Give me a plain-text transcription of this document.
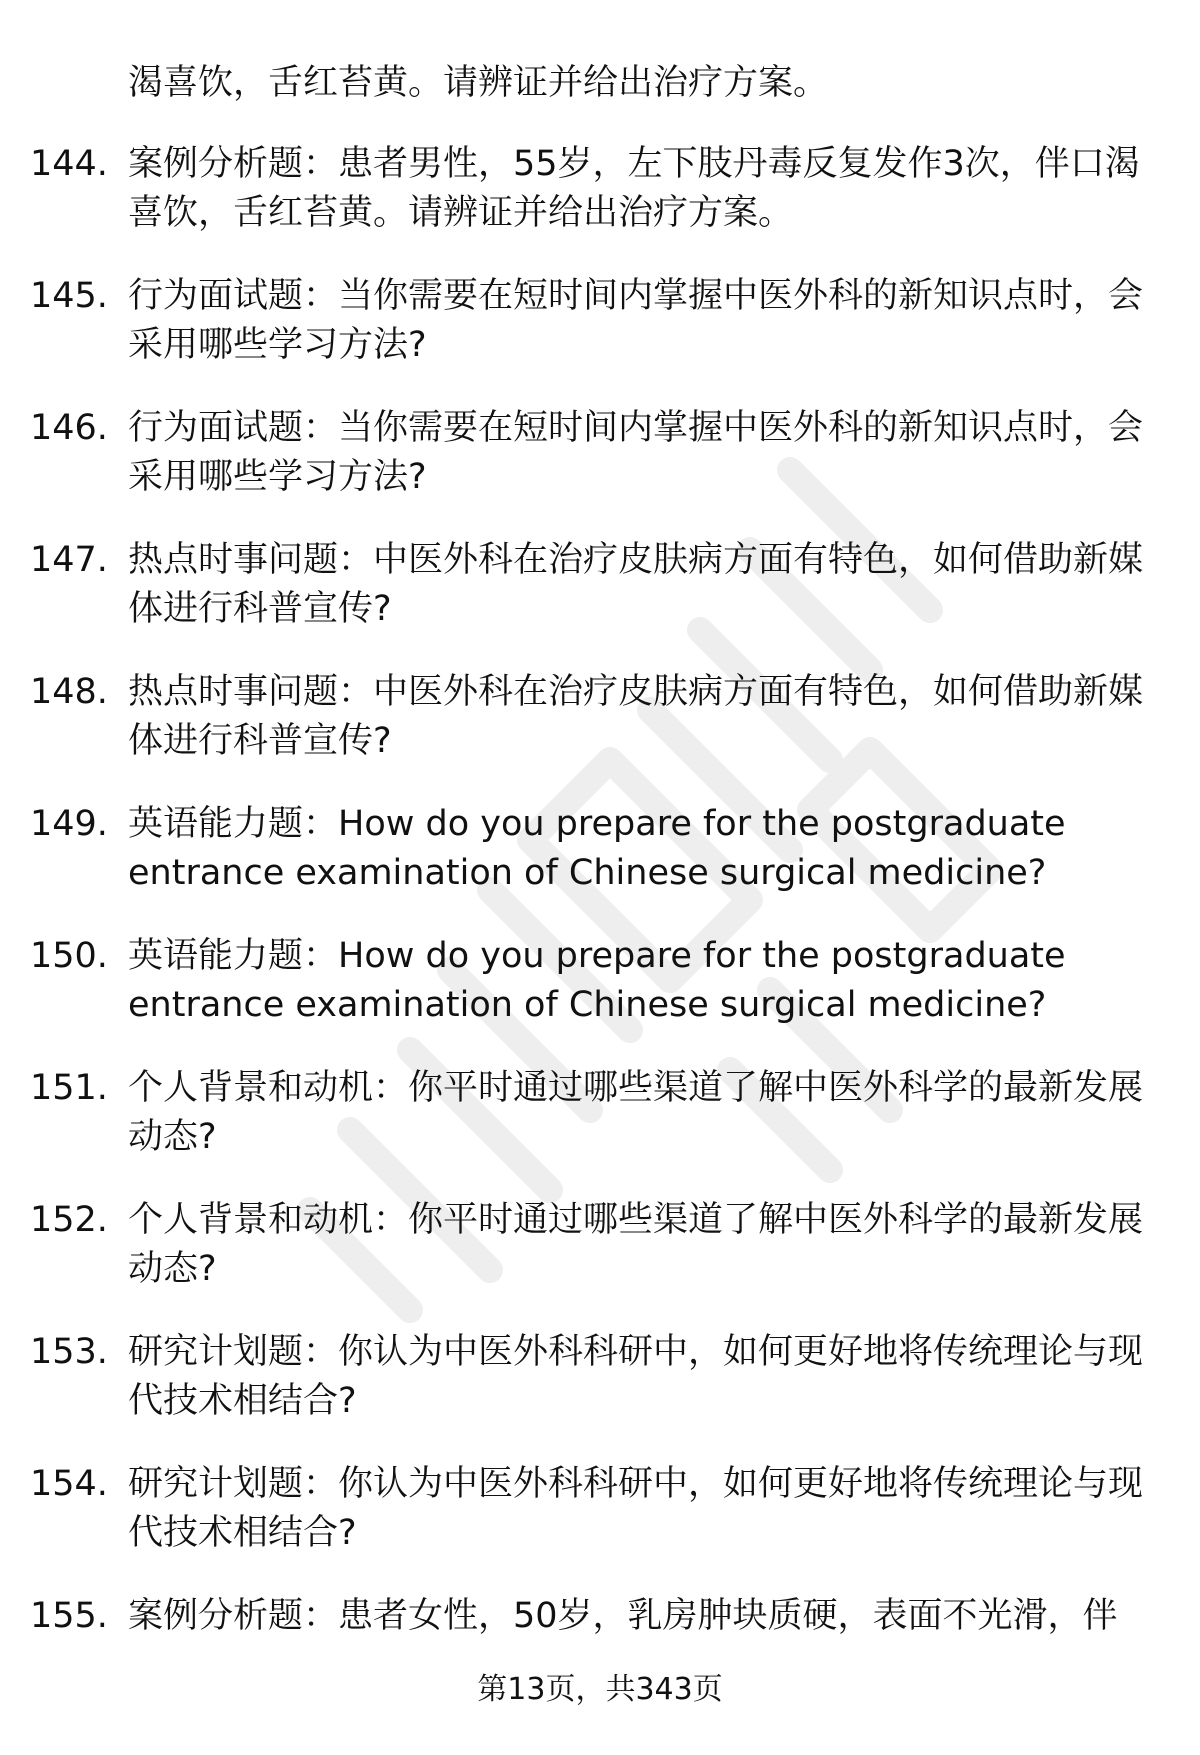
渴喜饮，舌红苔黄。请辨证并给出治疗方案。
144. 案例分析题：患者男性，55岁，左下肢丹毒反复发作3次，伴口渴喜饮，舌红苔黄。请辨证并给出治疗方案。
145. 行为面试题：当你需要在短时间内掌握中医外科的新知识点时，会采用哪些学习方法?
146. 行为面试题：当你需要在短时间内掌握中医外科的新知识点时，会采用哪些学习方法?
147. 热点时事问题：中医外科在治疗皮肤病方面有特色，如何借助新媒体进行科普宣传?
148. 热点时事问题：中医外科在治疗皮肤病方面有特色，如何借助新媒体进行科普宣传?
149. 英语能力题：How do you prepare for the postgraduate entrance examination of Chinese surgical medicine?
150. 英语能力题：How do you prepare for the postgraduate entrance examination of Chinese surgical medicine?
151. 个人背景和动机：你平时通过哪些渠道了解中医外科学的最新发展动态?
152. 个人背景和动机：你平时通过哪些渠道了解中医外科学的最新发展动态?
153. 研究计划题：你认为中医外科科研中，如何更好地将传统理论与现代技术相结合?
154. 研究计划题：你认为中医外科科研中，如何更好地将传统理论与现代技术相结合?
155. 案例分析题：患者女性，50岁，乳房肿块质硬，表面不光滑，伴
第13页，共343页
